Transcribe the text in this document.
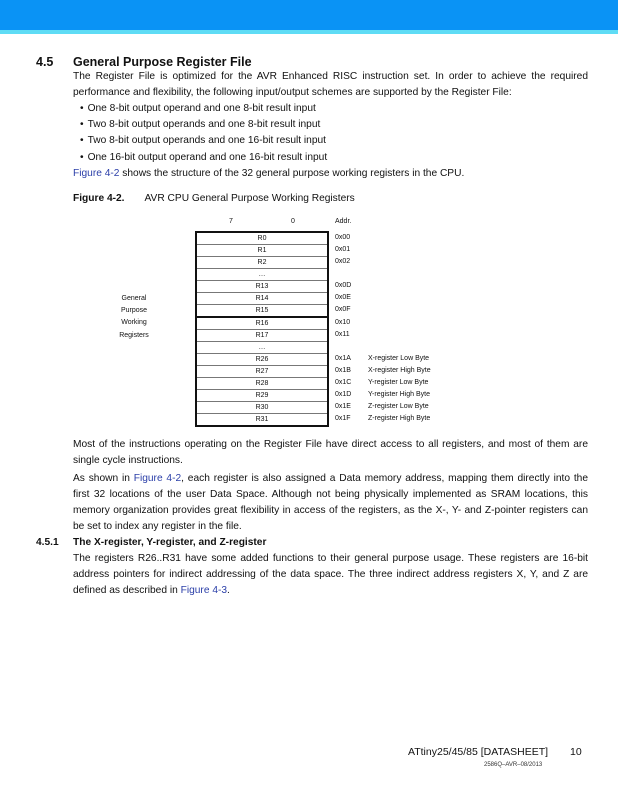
4.5 General Purpose Register File
The Register File is optimized for the AVR Enhanced RISC instruction set. In order to achieve the required performance and flexibility, the following input/output schemes are supported by the Register File:
• One 8-bit output operand and one 8-bit result input
• Two 8-bit output operands and one 8-bit result input
• Two 8-bit output operands and one 16-bit result input
• One 16-bit output operand and one 16-bit result input
Figure 4-2 shows the structure of the 32 general purpose working registers in the CPU.
Figure 4-2. AVR CPU General Purpose Working Registers
7	0	Addr.
General
Purpose
Working
Registers
R0
R1
R2
…
R13
R14
R15
R16
R17
…
R26
R27
R28
R29
R30
R31
0x00
0x01
0x02
0x0D
0x0E
0x0F
0x10
0x11
0x1A
0x1B
0x1C
0x1D
0x1E
0x1F
X-register Low Byte
X-register High Byte
Y-register Low Byte
Y-register High Byte
Z-register Low Byte
Z-register High Byte
Most of the instructions operating on the Register File have direct access to all registers, and most of them are single cycle instructions.
As shown in Figure 4-2, each register is also assigned a Data memory address, mapping them directly into the first 32 locations of the user Data Space. Although not being physically implemented as SRAM locations, this memory organization provides great flexibility in access of the registers, as the X-, Y- and Z-pointer registers can be set to index any register in the file.
4.5.1 The X-register, Y-register, and Z-register
The registers R26..R31 have some added functions to their general purpose usage. These registers are 16-bit address pointers for indirect addressing of the data space. The three indirect address registers X, Y, and Z are defined as described in Figure 4-3.
ATtiny25/45/85 [DATASHEET] 10
2586Q–AVR–08/2013
